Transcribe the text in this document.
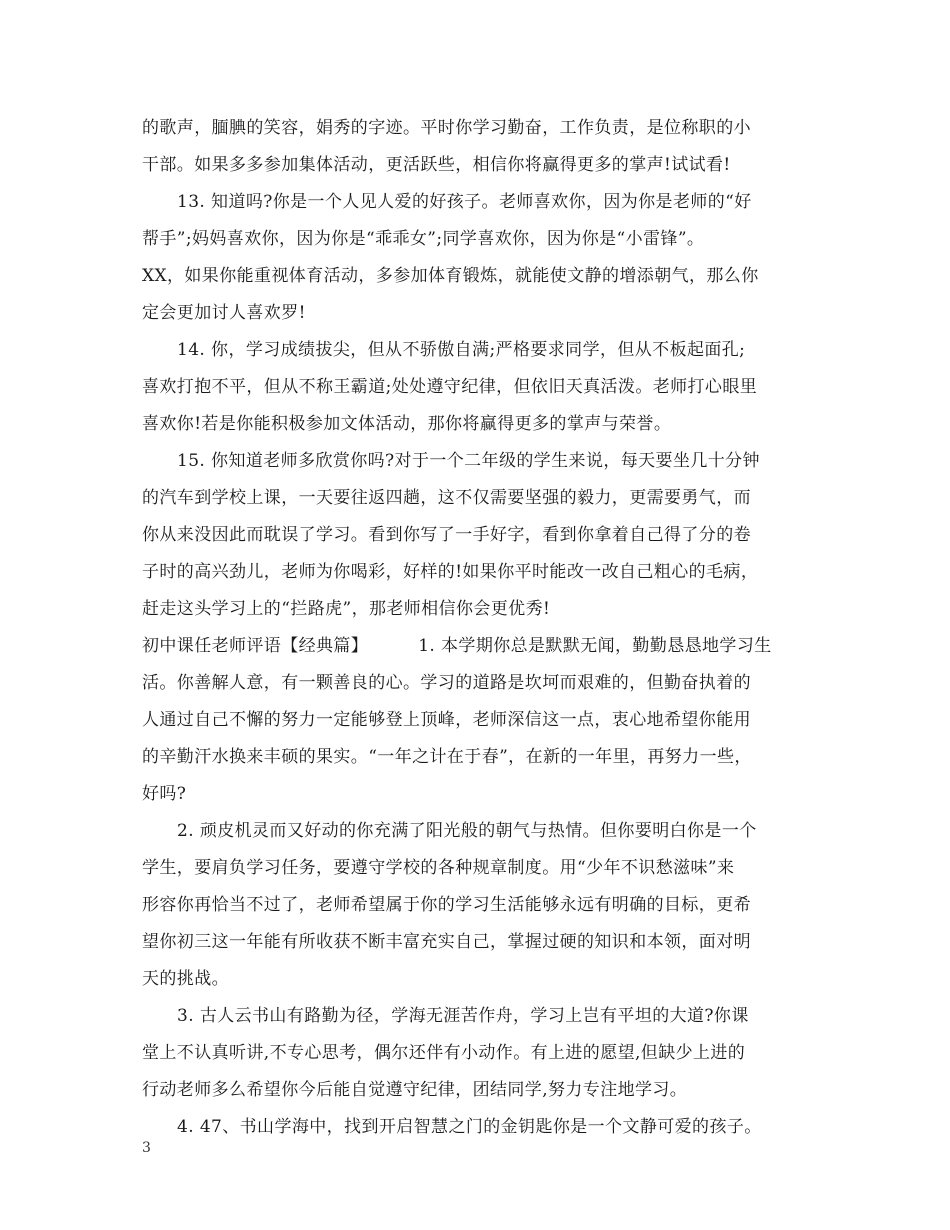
的歌声，腼腆的笑容，娟秀的字迹。平时你学习勤奋，工作负责，是位称职的小
干部。如果多多参加集体活动，更活跃些，相信你将赢得更多的掌声!试试看!
13. 知道吗?你是一个人见人爱的好孩子。老师喜欢你，因为你是老师的“好
帮手”;妈妈喜欢你，因为你是“乖乖女”;同学喜欢你，因为你是“小雷锋”。
XX，如果你能重视体育活动，多参加体育锻炼，就能使文静的增添朝气，那么你
定会更加讨人喜欢罗!
14. 你，学习成绩拔尖，但从不骄傲自满;严格要求同学，但从不板起面孔;
喜欢打抱不平，但从不称王霸道;处处遵守纪律，但依旧天真活泼。老师打心眼里
喜欢你!若是你能积极参加文体活动，那你将赢得更多的掌声与荣誉。
15. 你知道老师多欣赏你吗?对于一个二年级的学生来说，每天要坐几十分钟
的汽车到学校上课，一天要往返四趟，这不仅需要坚强的毅力，更需要勇气，而
你从来没因此而耽误了学习。看到你写了一手好字，看到你拿着自己得了分的卷
子时的高兴劲儿，老师为你喝彩，好样的!如果你平时能改一改自己粗心的毛病，
赶走这头学习上的“拦路虎”，那老师相信你会更优秀!
初中课任老师评语【经典篇】	1. 本学期你总是默默无闻，勤勤恳恳地学习生
活。你善解人意，有一颗善良的心。学习的道路是坎坷而艰难的，但勤奋执着的
人通过自己不懈的努力一定能够登上顶峰，老师深信这一点，衷心地希望你能用
的辛勤汗水换来丰硕的果实。“一年之计在于春”，在新的一年里，再努力一些，
好吗?
2. 顽皮机灵而又好动的你充满了阳光般的朝气与热情。但你要明白你是一个
学生，要肩负学习任务，要遵守学校的各种规章制度。用“少年不识愁滋味”来
形容你再恰当不过了，老师希望属于你的学习生活能够永远有明确的目标，更希
望你初三这一年能有所收获不断丰富充实自己，掌握过硬的知识和本领，面对明
天的挑战。
3. 古人云书山有路勤为径，学海无涯苦作舟，学习上岂有平坦的大道?你课
堂上不认真听讲,不专心思考，偶尔还伴有小动作。有上进的愿望,但缺少上进的
行动老师多么希望你今后能自觉遵守纪律，团结同学,努力专注地学习。
4. 47、书山学海中，找到开启智慧之门的金钥匙你是一个文静可爱的孩子。
3
